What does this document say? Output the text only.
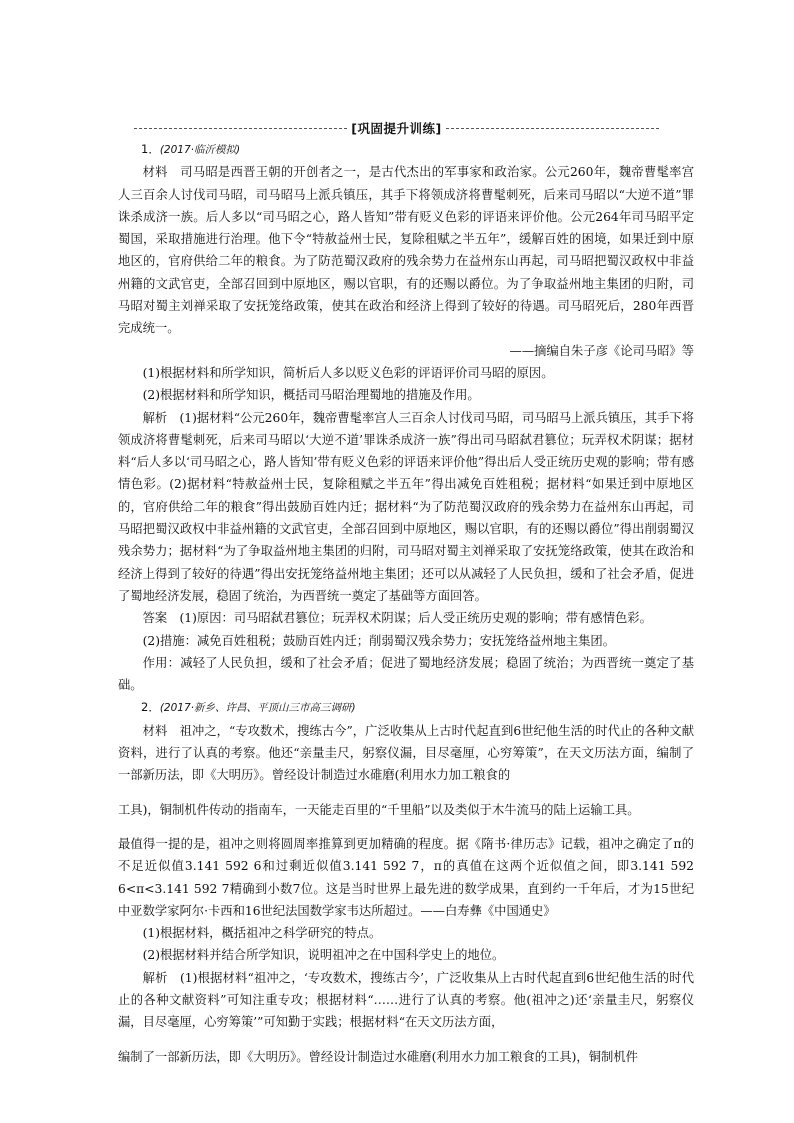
[巩固提升训练]

1．(2017·临沂模拟)

材料　司马昭是西晋王朝的开创者之一，是古代杰出的军事家和政治家。公元260年，魏帝曹髦率宫人三百余人讨伐司马昭，司马昭马上派兵镇压，其手下将领成济将曹髦刺死，后来司马昭以“大逆不道”罪诛杀成济一族。后人多以“司马昭之心，路人皆知”带有贬义色彩的评语来评价他。公元264年司马昭平定蜀国，采取措施进行治理。他下令“特赦益州士民，复除租赋之半五年”，缓解百姓的困境，如果迁到中原地区的，官府供给二年的粮食。为了防范蜀汉政府的残余势力在益州东山再起，司马昭把蜀汉政权中非益州籍的文武官吏，全部召回到中原地区，赐以官职，有的还赐以爵位。为了争取益州地主集团的归附，司马昭对蜀主刘禅采取了安抚笼络政策，使其在政治和经济上得到了较好的待遇。司马昭死后，280年西晋完成统一。

——摘编自朱子彦《论司马昭》等

(1)根据材料和所学知识，简析后人多以贬义色彩的评语评价司马昭的原因。

(2)根据材料和所学知识，概括司马昭治理蜀地的措施及作用。

解析　(1)据材料“公元260年，魏帝曹髦率宫人三百余人讨伐司马昭，司马昭马上派兵镇压，其手下将领成济将曹髦刺死，后来司马昭以‘大逆不道’罪诛杀成济一族”得出司马昭弑君篡位；玩弄权术阴谋；据材料“后人多以‘司马昭之心，路人皆知’带有贬义色彩的评语来评价他”得出后人受正统历史观的影响；带有感情色彩。(2)据材料“特赦益州士民，复除租赋之半五年”得出减免百姓租税；据材料“如果迁到中原地区的，官府供给二年的粮食”得出鼓励百姓内迁；据材料“为了防范蜀汉政府的残余势力在益州东山再起，司马昭把蜀汉政权中非益州籍的文武官吏，全部召回到中原地区，赐以官职，有的还赐以爵位”得出削弱蜀汉残余势力；据材料“为了争取益州地主集团的归附，司马昭对蜀主刘禅采取了安抚笼络政策，使其在政治和经济上得到了较好的待遇”得出安抚笼络益州地主集团；还可以从减轻了人民负担，缓和了社会矛盾，促进了蜀地经济发展，稳固了统治，为西晋统一奠定了基础等方面回答。

答案　(1)原因：司马昭弑君篡位；玩弄权术阴谋；后人受正统历史观的影响；带有感情色彩。

(2)措施：减免百姓租税；鼓励百姓内迁；削弱蜀汉残余势力；安抚笼络益州地主集团。

作用：减轻了人民负担，缓和了社会矛盾；促进了蜀地经济发展；稳固了统治；为西晋统一奠定了基础。

2．(2017·新乡、许昌、平顶山三市高三调研)

材料　祖冲之，“专攻数术，搜练古今”，广泛收集从上古时代起直到6世纪他生活的时代止的各种文献资料，进行了认真的考察。他还“亲量圭尺，躬察仪漏，目尽毫厘，心穷筹策”，在天文历法方面，编制了一部新历法，即《大明历》。曾经设计制造过水碓磨(利用水力加工粮食的

工具)，铜制机件传动的指南车，一天能走百里的“千里船”以及类似于木牛流马的陆上运输工具。

最值得一提的是，祖冲之则将圆周率推算到更加精确的程度。据《隋书·律历志》记载，祖冲之确定了π的不足近似值3.141 592 6和过剩近似值3.141 592 7，π的真值在这两个近似值之间，即3.141 592 6<π<3.141 592 7精确到小数7位。这是当时世界上最先进的数学成果，直到约一千年后，才为15世纪中亚数学家阿尔·卡西和16世纪法国数学家韦达所超过。——白寿彝《中国通史》

(1)根据材料，概括祖冲之科学研究的特点。

(2)根据材料并结合所学知识，说明祖冲之在中国科学史上的地位。

解析　(1)根据材料“祖冲之，‘专攻数术，搜练古今’，广泛收集从上古时代起直到6世纪他生活的时代止的各种文献资料”可知注重专攻；根据材料“……进行了认真的考察。他(祖冲之)还‘亲量圭尺，躬察仪漏，目尽毫厘，心穷筹策’”可知勤于实践；根据材料“在天文历法方面，

编制了一部新历法，即《大明历》。曾经设计制造过水碓磨(利用水力加工粮食的工具)，铜制机件
